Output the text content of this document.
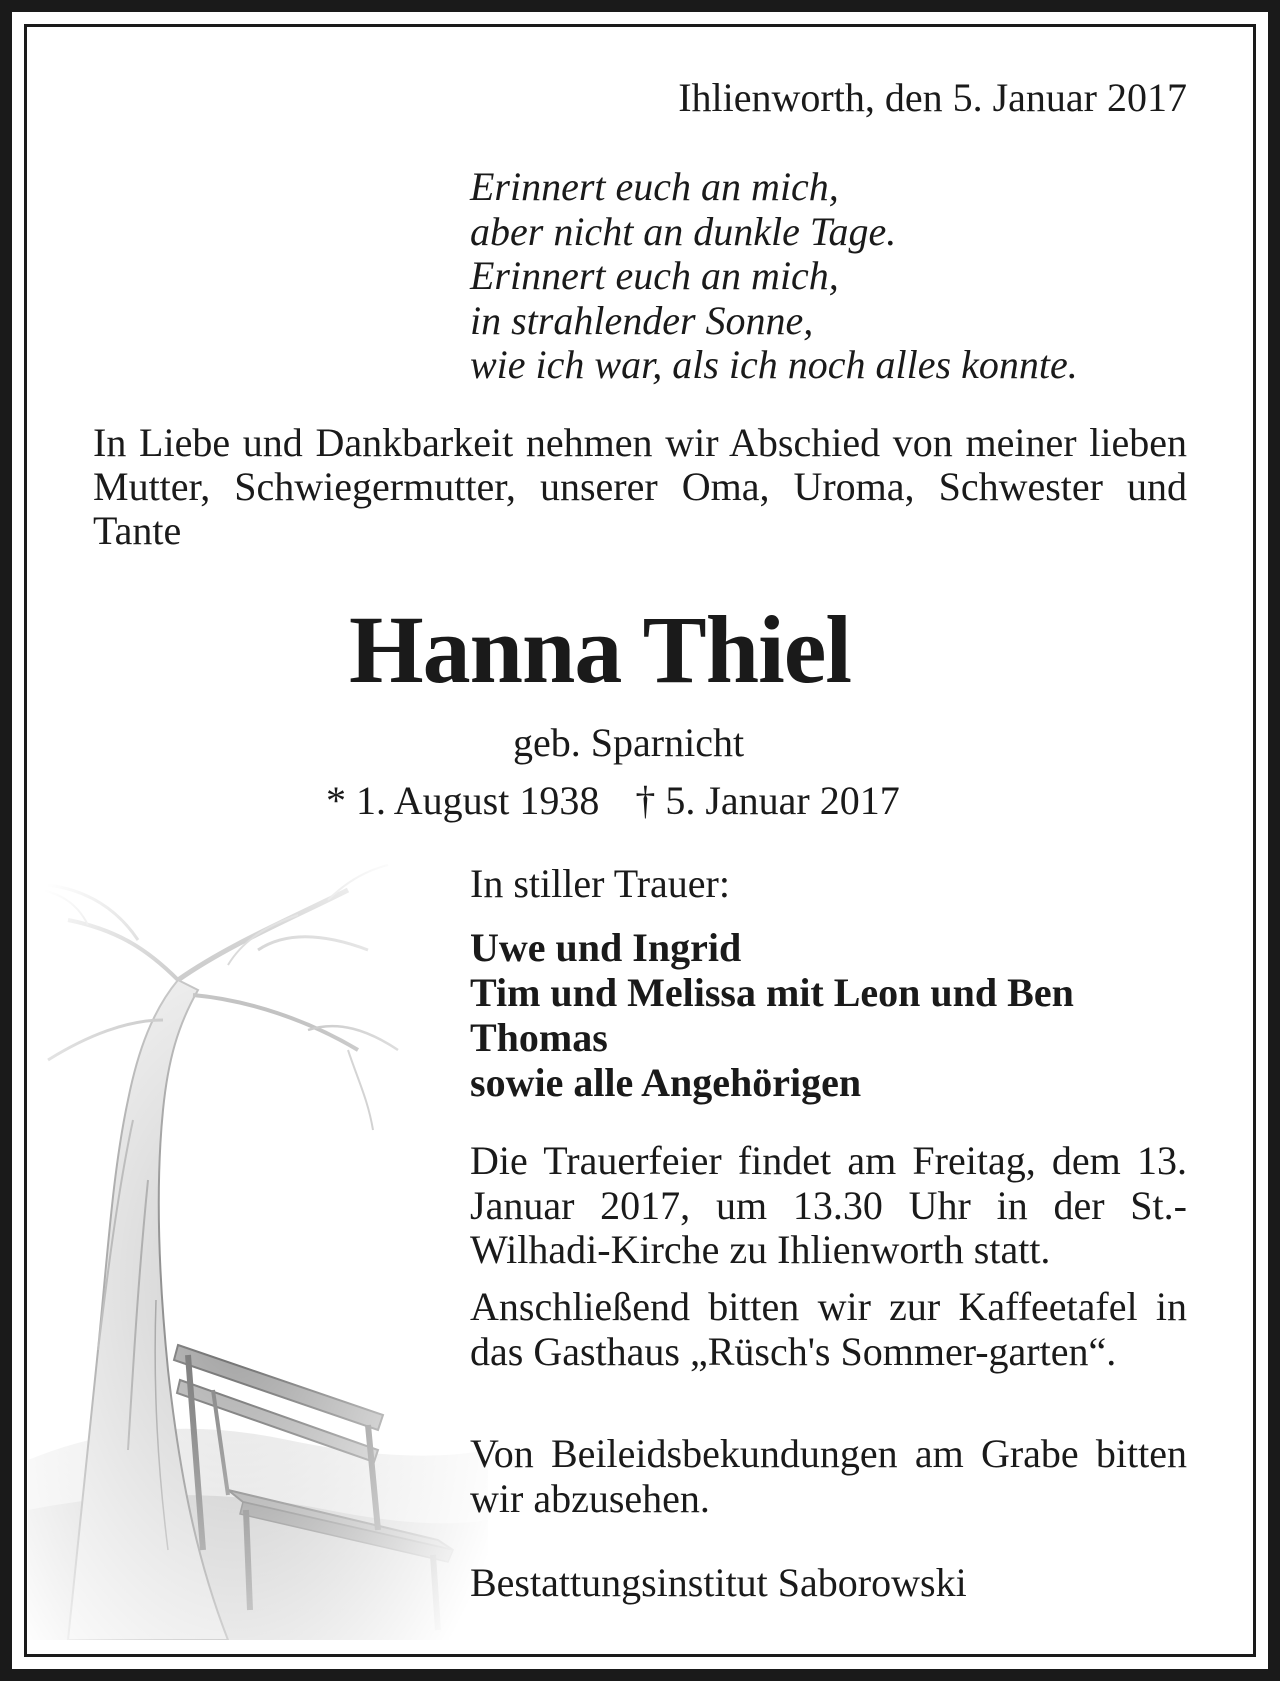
Ihlienworth, den 5. Januar 2017
Erinnert euch an mich,
aber nicht an dunkle Tage.
Erinnert euch an mich,
in strahlender Sonne,
wie ich war, als ich noch alles konnte.
In Liebe und Dankbarkeit nehmen wir Abschied von meiner lieben Mutter, Schwiegermutter, unserer Oma, Uroma, Schwester und Tante
Hanna Thiel
geb. Sparnicht
* 1. August 1938 † 5. Januar 2017
In stiller Trauer:
Uwe und Ingrid
Tim und Melissa mit Leon und Ben
Thomas
sowie alle Angehörigen
Die Trauerfeier findet am Freitag, dem 13. Januar 2017, um 13.30 Uhr in der St.-Wilhadi-Kirche zu Ihlienworth statt.
Anschließend bitten wir zur Kaffeetafel in das Gasthaus „Rüsch's Sommer-garten“.
Von Beileidsbekundungen am Grabe bitten wir abzusehen.
Bestattungsinstitut Saborowski
